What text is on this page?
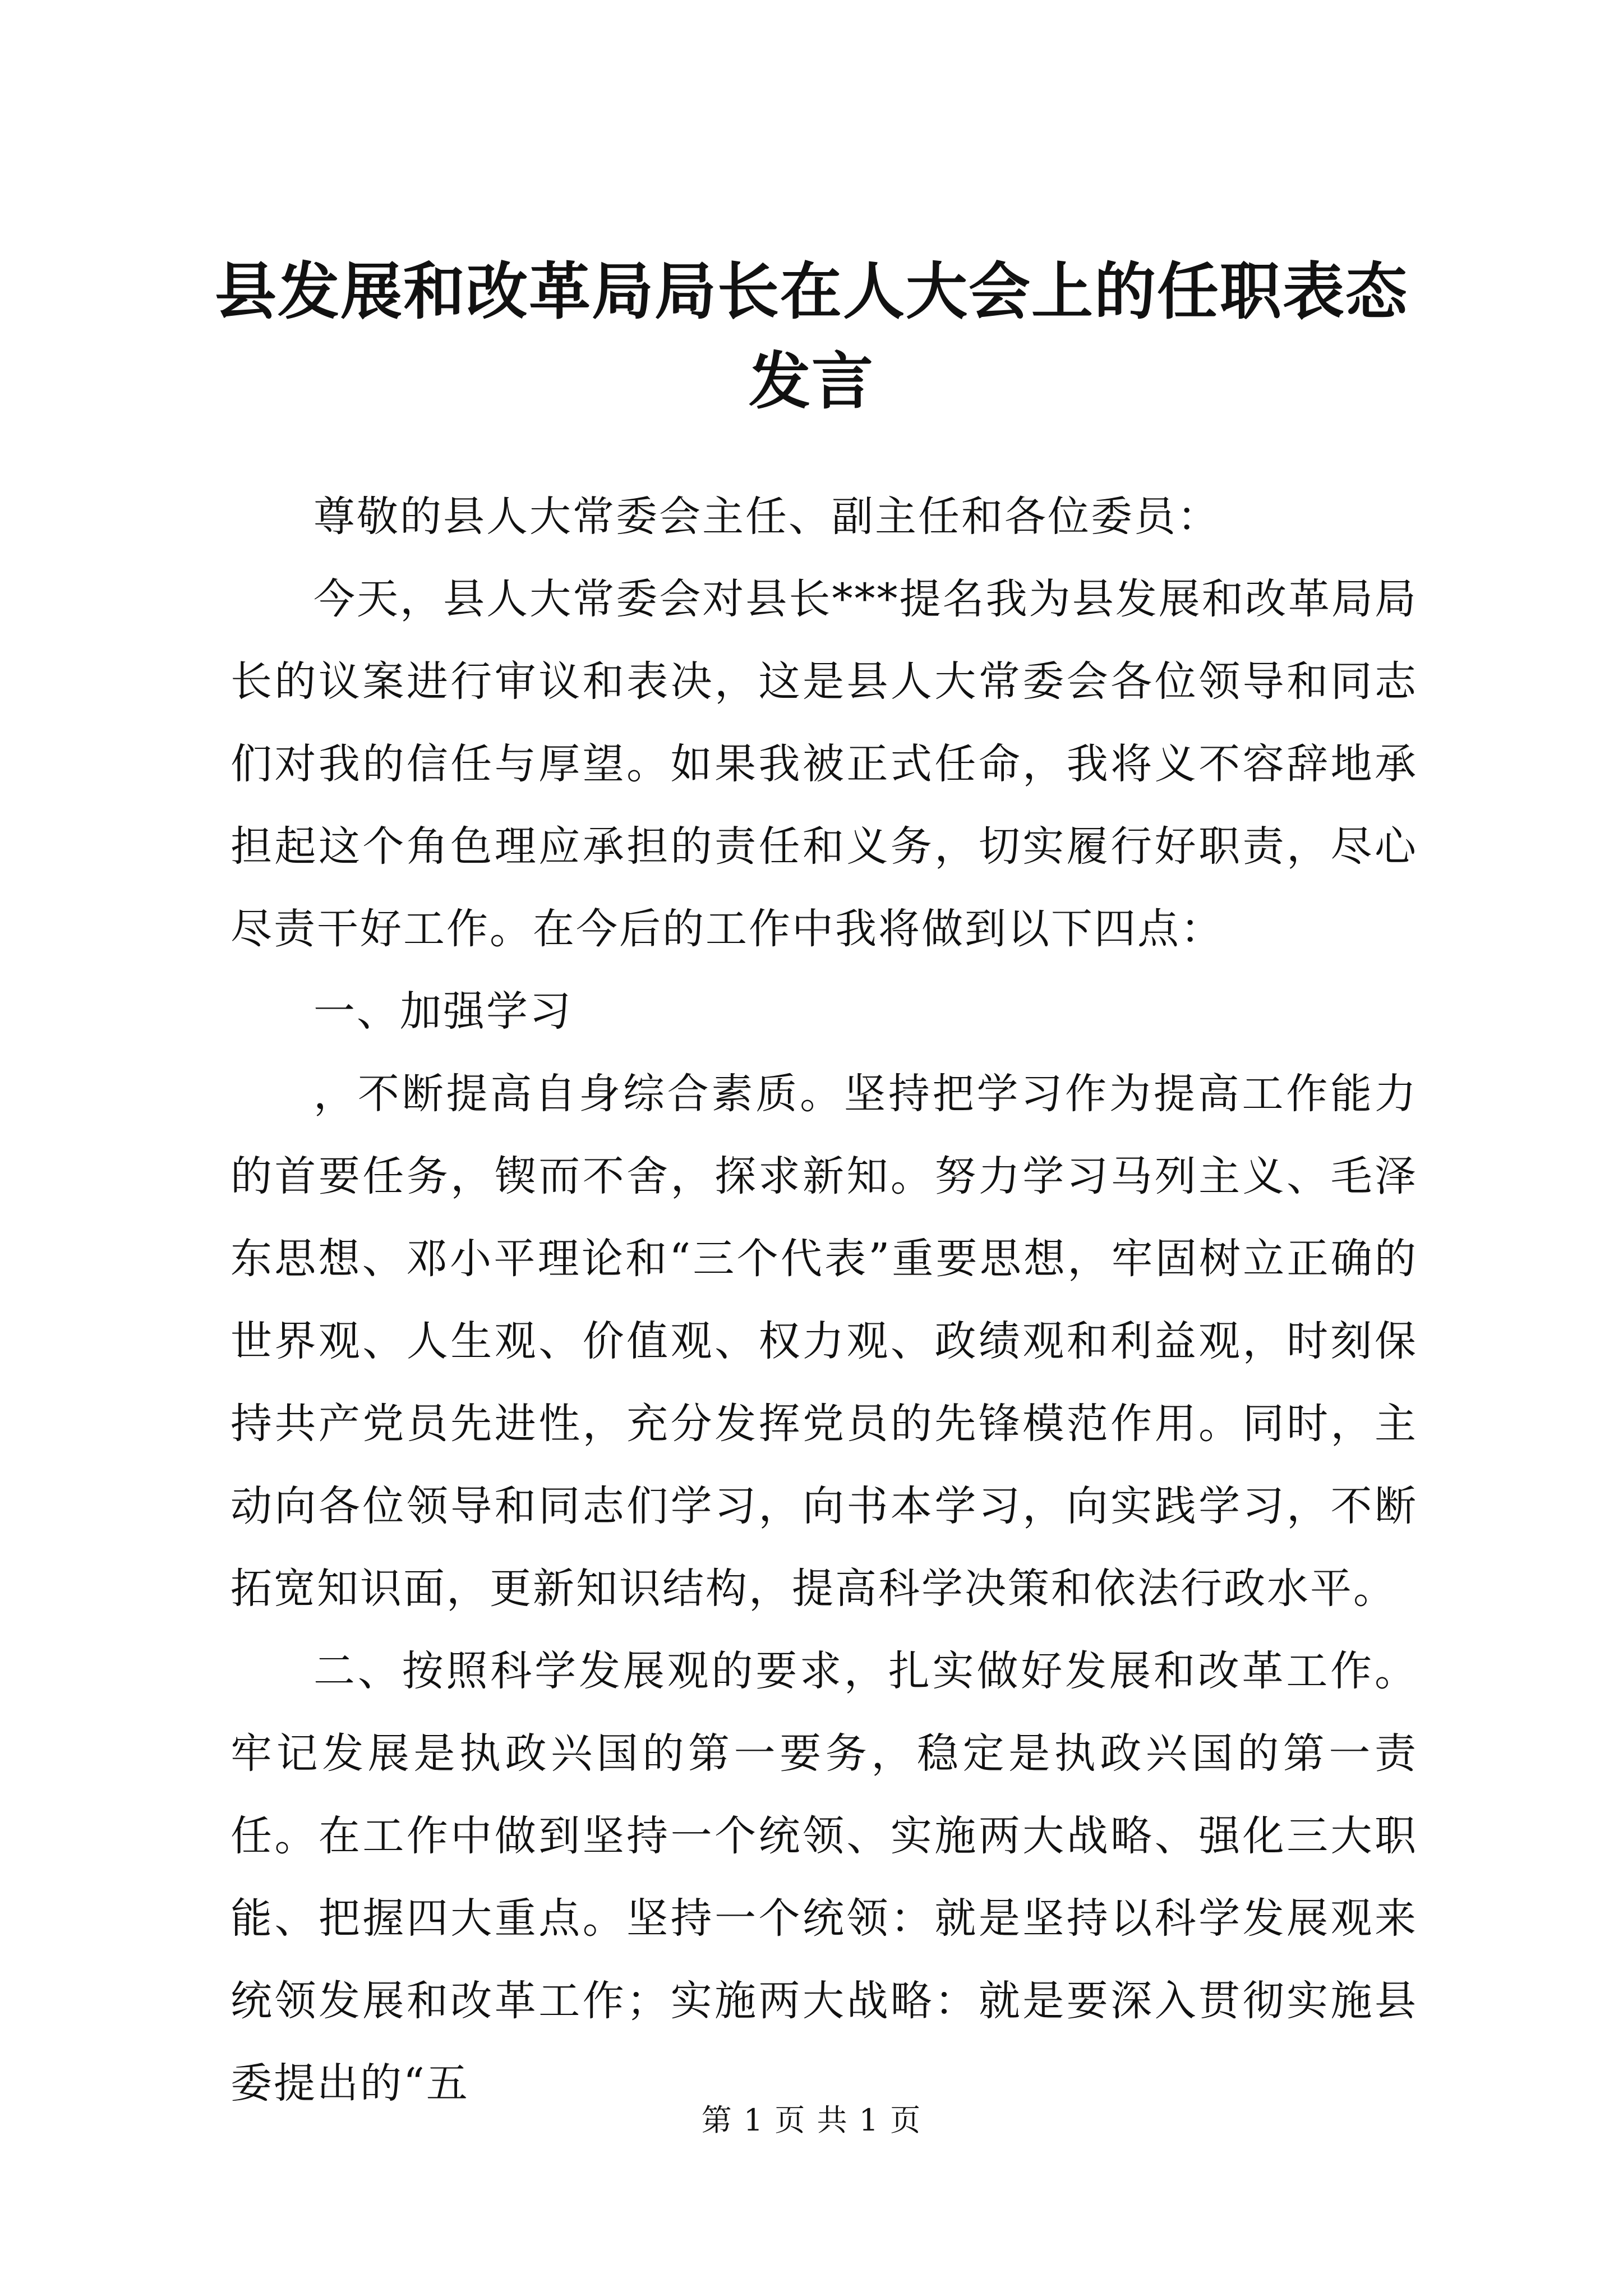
县发展和改革局局长在人大会上的任职表态发言

尊敬的县人大常委会主任、副主任和各位委员：

今天，县人大常委会对县长***提名我为县发展和改革局局长的议案进行审议和表决，这是县人大常委会各位领导和同志们对我的信任与厚望。如果我被正式任命，我将义不容辞地承担起这个角色理应承担的责任和义务，切实履行好职责，尽心尽责干好工作。在今后的工作中我将做到以下四点：

一、加强学习

，不断提高自身综合素质。坚持把学习作为提高工作能力的首要任务，锲而不舍，探求新知。努力学习马列主义、毛泽东思想、邓小平理论和“三个代表”重要思想，牢固树立正确的世界观、人生观、价值观、权力观、政绩观和利益观，时刻保持共产党员先进性，充分发挥党员的先锋模范作用。同时，主动向各位领导和同志们学习，向书本学习，向实践学习，不断拓宽知识面，更新知识结构，提高科学决策和依法行政水平。

二、按照科学发展观的要求，扎实做好发展和改革工作。牢记发展是执政兴国的第一要务，稳定是执政兴国的第一责任。在工作中做到坚持一个统领、实施两大战略、强化三大职能、把握四大重点。坚持一个统领：就是坚持以科学发展观来统领发展和改革工作；实施两大战略：就是要深入贯彻实施县委提出的“五

第 1 页 共 1 页
